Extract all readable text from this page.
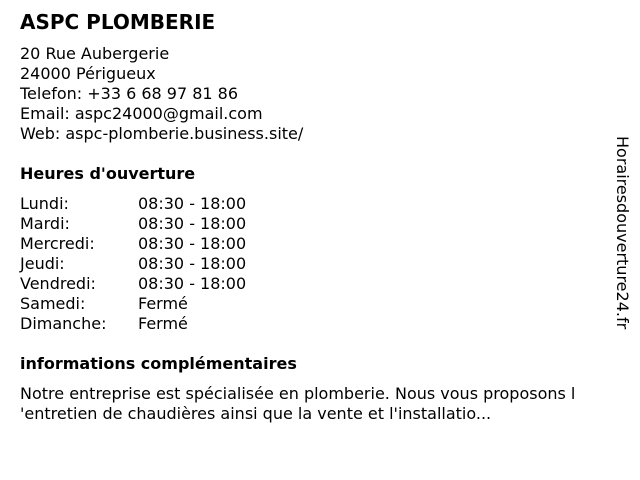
ASPC PLOMBERIE
20 Rue Aubergerie
24000 Périgueux
Telefon: +33 6 68 97 81 86
Email: aspc24000@gmail.com
Web: aspc-plomberie.business.site/
Heures d'ouverture
Lundi:	08:30 - 18:00
Mardi:	08:30 - 18:00
Mercredi:	08:30 - 18:00
Jeudi:	08:30 - 18:00
Vendredi:	08:30 - 18:00
Samedi:	Fermé
Dimanche: Fermé
informations complémentaires
Notre entreprise est spécialisée en plomberie. Nous vous proposons l
'entretien de chaudières ainsi que la vente et l'installatio...
Horairesdouverture24.fr
